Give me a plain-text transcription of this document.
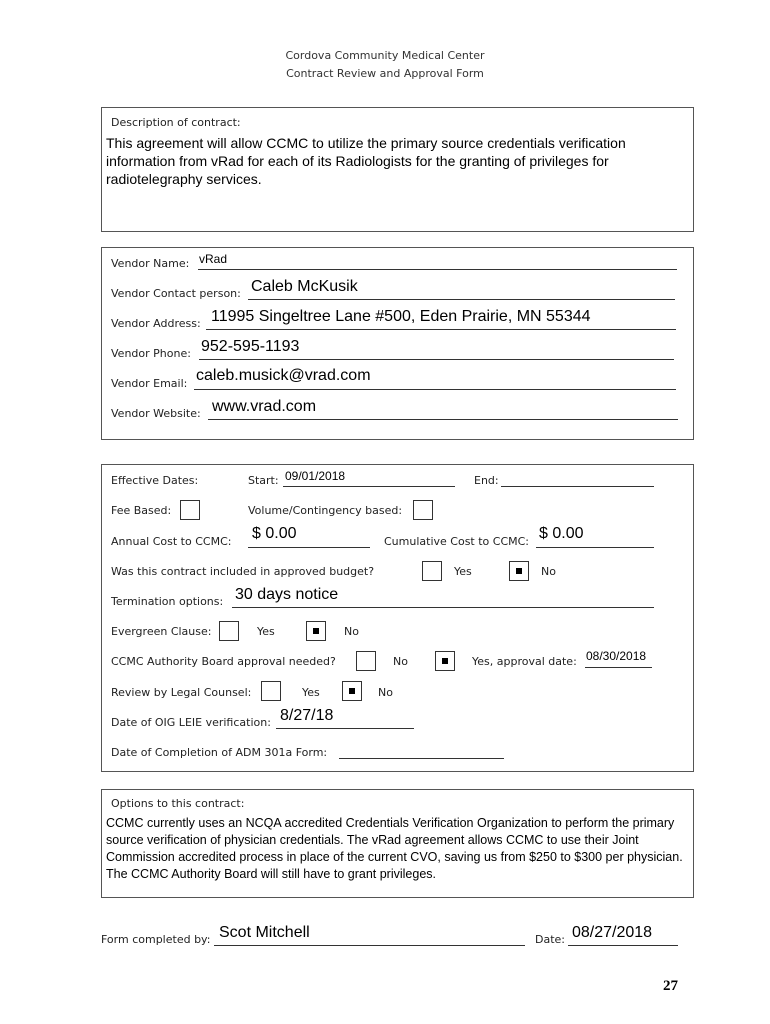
Cordova Community Medical Center
Contract Review and Approval Form
Description of contract:
This agreement will allow CCMC to utilize the primary source credentials verification information from vRad for each of its Radiologists for the granting of privileges for radiotelegraphy services.
Vendor Name: vRad
Vendor Contact person: Caleb McKusik
Vendor Address: 11995 Singeltree Lane #500, Eden Prairie, MN 55344
Vendor Phone: 952-595-1193
Vendor Email: caleb.musick@vrad.com
Vendor Website: www.vrad.com
Effective Dates:	Start: 09/01/2018	End:
Fee Based:	Volume/Contingency based:
Annual Cost to CCMC: $ 0.00	Cumulative Cost to CCMC: $ 0.00
Was this contract included in approved budget?	Yes	No
Termination options: 30 days notice
Evergreen Clause:	Yes	No
CCMC Authority Board approval needed?	No	Yes, approval date: 08/30/2018
Review by Legal Counsel:	Yes	No
Date of OIG LEIE verification: 8/27/18
Date of Completion of ADM 301a Form:
Options to this contract:
CCMC currently uses an NCQA accredited Credentials Verification Organization to perform the primary source verification of physician credentials. The vRad agreement allows CCMC to use their Joint Commission accredited process in place of the current CVO, saving us from $250 to $300 per physician. The CCMC Authority Board will still have to grant privileges.
Form completed by: Scot Mitchell	Date: 08/27/2018
27
